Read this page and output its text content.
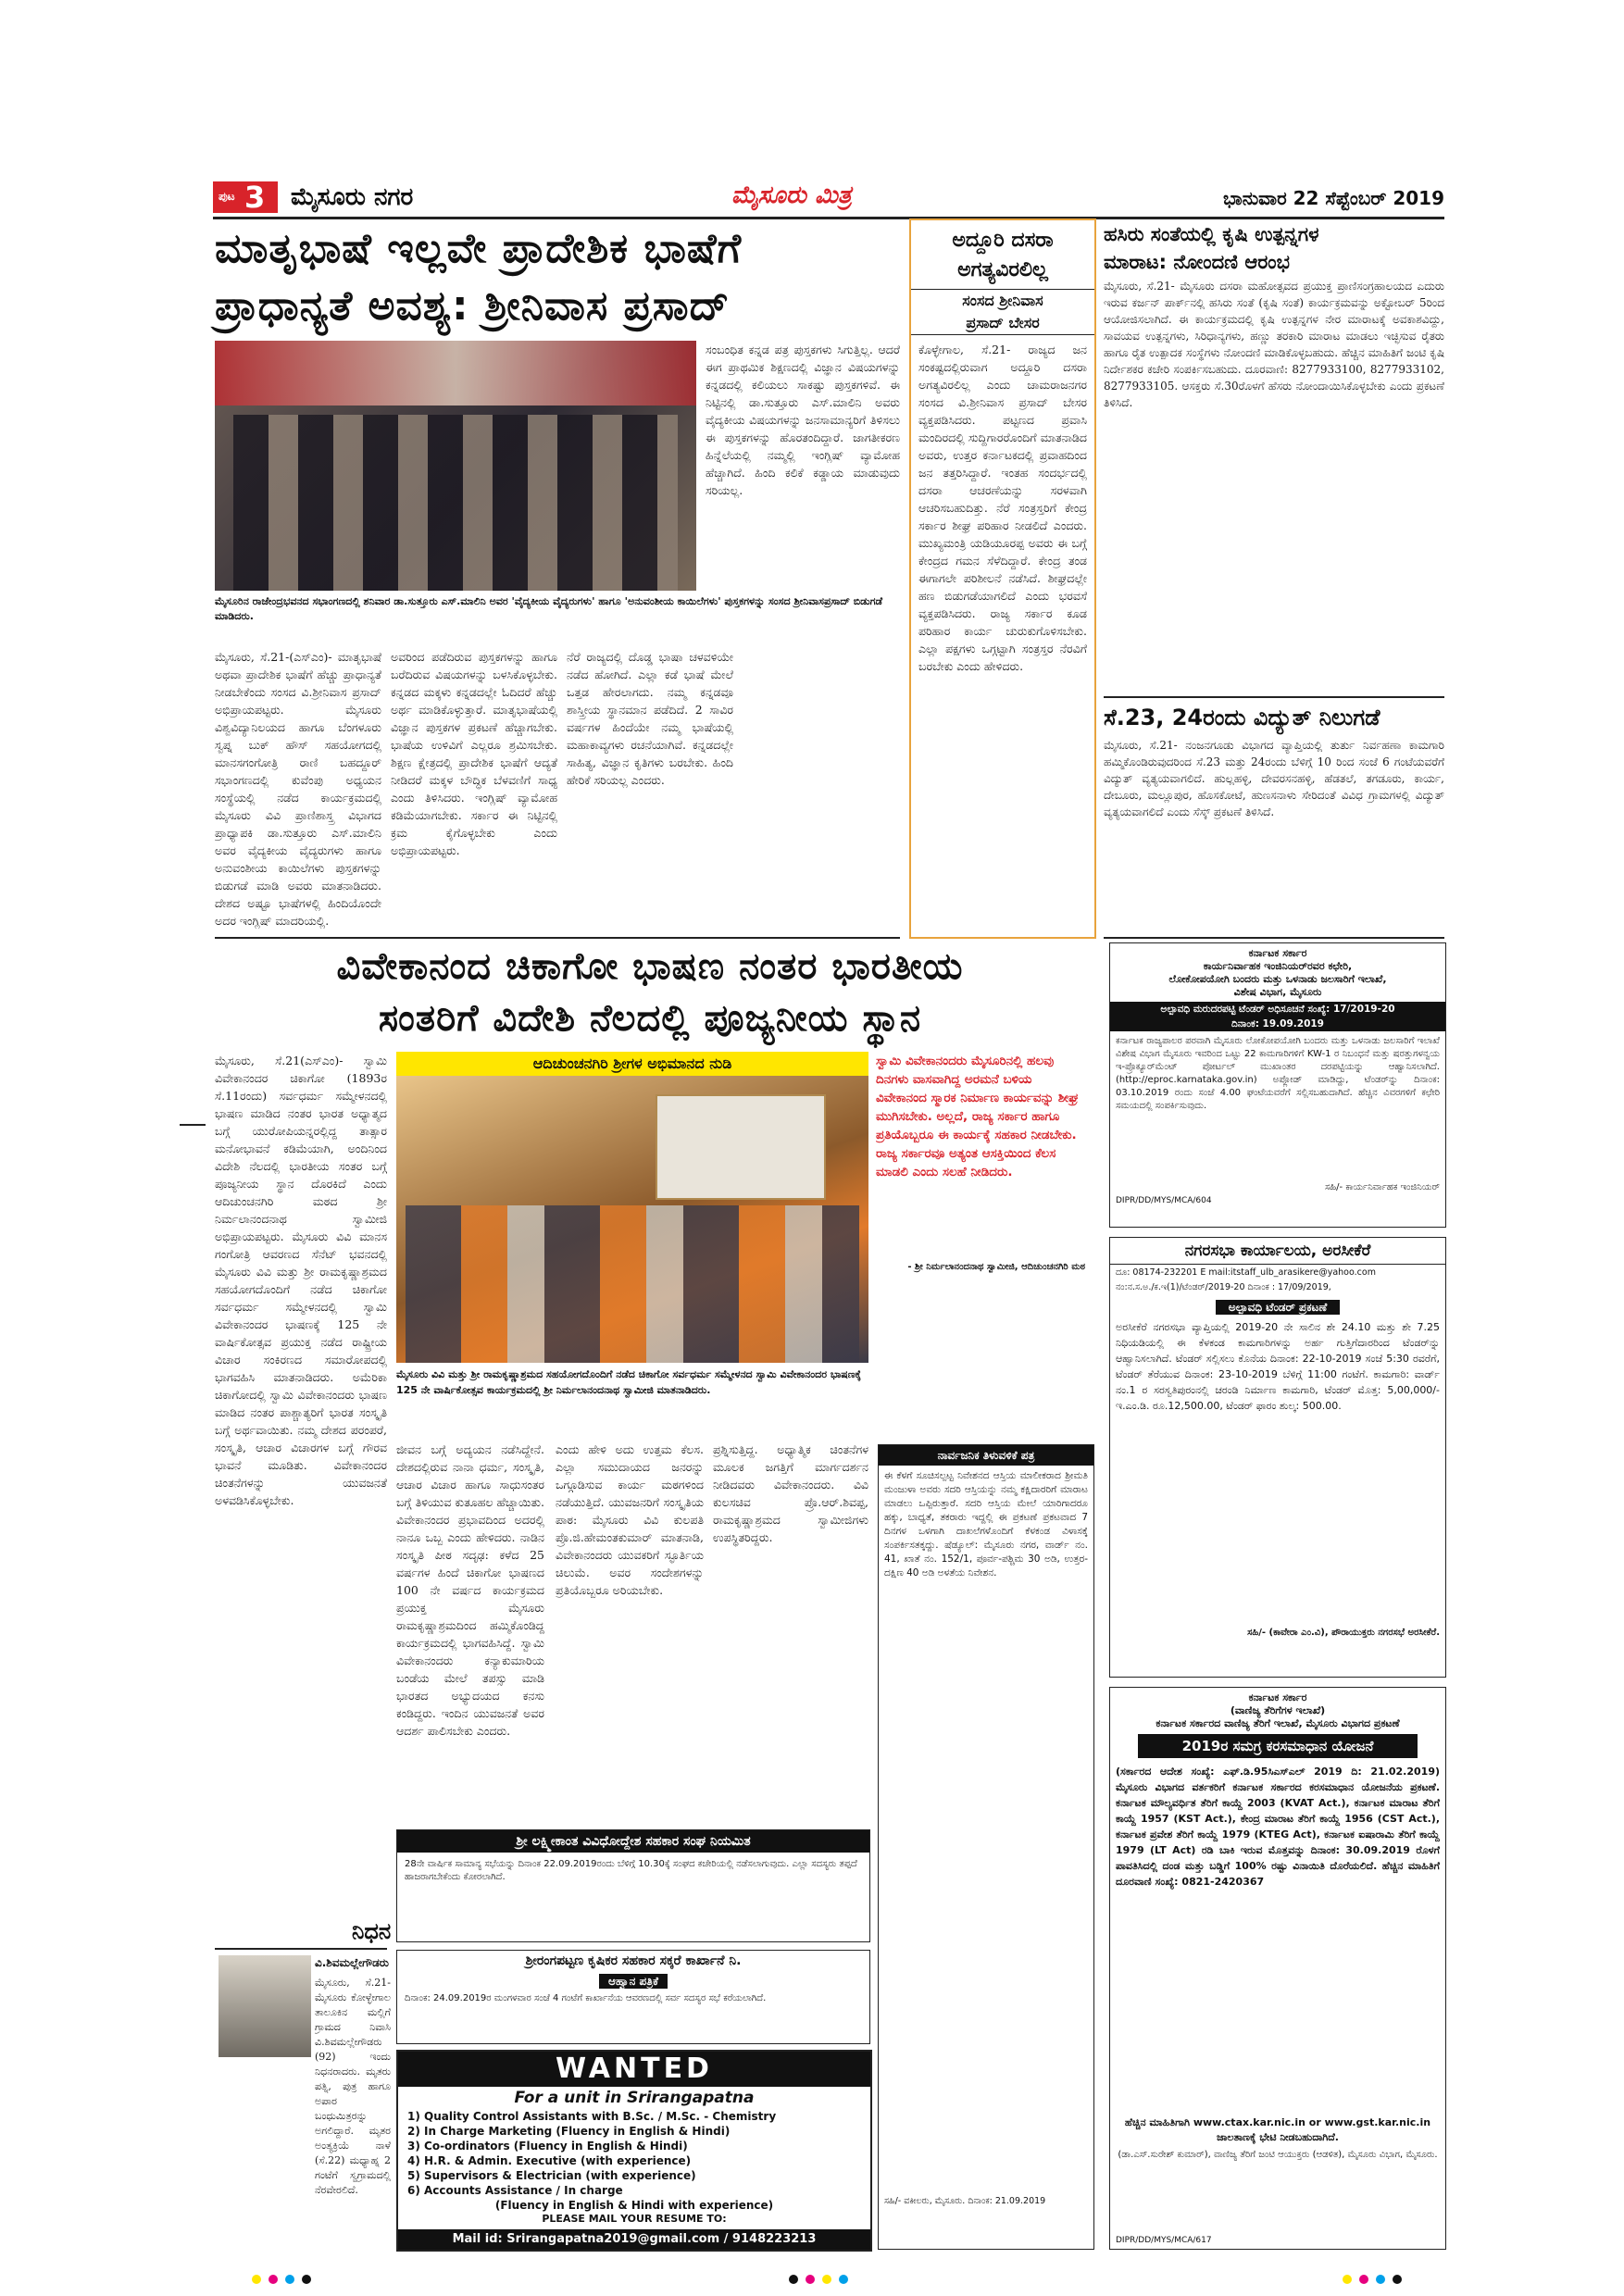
ಪುಟ 3 ಮೈಸೂರು ನಗರ	ಮೈಸೂರು ಮಿತ್ರ	ಭಾನುವಾರ 22 ಸೆಪ್ಟೆಂಬರ್ 2019
ಮಾತೃಭಾಷೆ ಇಲ್ಲವೇ ಪ್ರಾದೇಶಿಕ ಭಾಷೆಗೆ
ಪ್ರಾಧಾನ್ಯತೆ ಅವಶ್ಯ: ಶ್ರೀನಿವಾಸ ಪ್ರಸಾದ್
ಮೈಸೂರಿನ ರಾಜೇಂದ್ರಭವನದ ಸಭಾಂಗಣದಲ್ಲಿ ಶನಿವಾರ ಡಾ.ಸುತ್ತೂರು ಎಸ್.ಮಾಲಿನಿ ಅವರ 'ವೈದ್ಯಕೀಯ ವೈದ್ಯರುಗಳು' ಹಾಗೂ 'ಅನುವಂಶೀಯ ಕಾಯಿಲೆಗಳು' ಪುಸ್ತಕಗಳನ್ನು ಸಂಸದ ಶ್ರೀನಿವಾಸಪ್ರಸಾದ್ ಬಿಡುಗಡೆ ಮಾಡಿದರು.
ಮೈಸೂರು, ಸೆ.21-(ಎಸ್‌ಎಂ)- ಮಾತೃಭಾಷೆ ಅಥವಾ ಪ್ರಾದೇಶಿಕ ಭಾಷೆಗೆ ಹೆಚ್ಚು ಪ್ರಾಧಾನ್ಯತೆ ನೀಡಬೇಕೆಂದು ಸಂಸದ ವಿ.ಶ್ರೀನಿವಾಸ ಪ್ರಸಾದ್ ಅಭಿಪ್ರಾಯಪಟ್ಟರು. ಮೈಸೂರು ವಿಶ್ವವಿದ್ಯಾನಿಲಯದ ಹಾಗೂ ಬೆಂಗಳೂರು ಸ್ವಪ್ನ ಬುಕ್ ಹೌಸ್ ಸಹಯೋಗದಲ್ಲಿ ಮಾನಸಗಂಗೋತ್ರಿ ರಾಣಿ ಬಹದ್ದೂರ್ ಸಭಾಂಗಣದಲ್ಲಿ ಕುವೆಂಪು ಅಧ್ಯಯನ ಸಂಸ್ಥೆಯಲ್ಲಿ ನಡೆದ ಕಾರ್ಯಕ್ರಮದಲ್ಲಿ ಮೈಸೂರು ವಿವಿ ಪ್ರಾಣಿಶಾಸ್ತ್ರ ವಿಭಾಗದ ಪ್ರಾಧ್ಯಾಪಕಿ ಡಾ.ಸುತ್ತೂರು ಎಸ್.ಮಾಲಿನಿ ಅವರ ವೈದ್ಯಕೀಯ ವೈದ್ಯರುಗಳು ಹಾಗೂ ಅನುವಂಶೀಯ ಕಾಯಿಲೆಗಳು ಪುಸ್ತಕಗಳನ್ನು ಬಿಡುಗಡೆ ಮಾಡಿ ಅವರು ಮಾತನಾಡಿದರು. ದೇಶದ ಅಷ್ಟೂ ಭಾಷೆಗಳಲ್ಲಿ ಹಿಂದಿಯೊಂದೇ ಅದರ ಇಂಗ್ಲಿಷ್ ಮಾದರಿಯಲ್ಲಿ.
ಅವರಿಂದ ಪಡೆದಿರುವ ಪುಸ್ತಕಗಳನ್ನು ಹಾಗೂ ಬರೆದಿರುವ ವಿಷಯಗಳನ್ನು ಬಳಸಿಕೊಳ್ಳಬೇಕು. ಕನ್ನಡದ ಮಕ್ಕಳು ಕನ್ನಡದಲ್ಲೇ ಓದಿದರೆ ಹೆಚ್ಚು ಅರ್ಥ ಮಾಡಿಕೊಳ್ಳುತ್ತಾರೆ. ಮಾತೃಭಾಷೆಯಲ್ಲಿ ವಿಜ್ಞಾನ ಪುಸ್ತಕಗಳ ಪ್ರಕಟಣೆ ಹೆಚ್ಚಾಗಬೇಕು. ಭಾಷೆಯ ಉಳಿವಿಗೆ ಎಲ್ಲರೂ ಶ್ರಮಿಸಬೇಕು. ಶಿಕ್ಷಣ ಕ್ಷೇತ್ರದಲ್ಲಿ ಪ್ರಾದೇಶಿಕ ಭಾಷೆಗೆ ಆದ್ಯತೆ ನೀಡಿದರೆ ಮಕ್ಕಳ ಬೌದ್ಧಿಕ ಬೆಳವಣಿಗೆ ಸಾಧ್ಯ ಎಂದು ತಿಳಿಸಿದರು. ಇಂಗ್ಲಿಷ್ ವ್ಯಾಮೋಹ ಕಡಿಮೆಯಾಗಬೇಕು. ಸರ್ಕಾರ ಈ ನಿಟ್ಟಿನಲ್ಲಿ ಕ್ರಮ ಕೈಗೊಳ್ಳಬೇಕು ಎಂದು ಅಭಿಪ್ರಾಯಪಟ್ಟರು.
ನೆರೆ ರಾಜ್ಯದಲ್ಲಿ ದೊಡ್ಡ ಭಾಷಾ ಚಳವಳಿಯೇ ನಡೆದ ಹೋಗಿದೆ. ಎಲ್ಲಾ ಕಡೆ ಭಾಷೆ ಮೇಲೆ ಒತ್ತಡ ಹೇರಲಾಗದು. ನಮ್ಮ ಕನ್ನಡವೂ ಶಾಸ್ತ್ರೀಯ ಸ್ಥಾನಮಾನ ಪಡೆದಿದೆ. 2 ಸಾವಿರ ವರ್ಷಗಳ ಹಿಂದೆಯೇ ನಮ್ಮ ಭಾಷೆಯಲ್ಲಿ ಮಹಾಕಾವ್ಯಗಳು ರಚನೆಯಾಗಿವೆ. ಕನ್ನಡದಲ್ಲೇ ಸಾಹಿತ್ಯ, ವಿಜ್ಞಾನ ಕೃತಿಗಳು ಬರಬೇಕು. ಹಿಂದಿ ಹೇರಿಕೆ ಸರಿಯಲ್ಲ ಎಂದರು.
ಸಂಬಂಧಿತ ಕನ್ನಡ ಪತ್ರ ಪುಸ್ತಕಗಳು ಸಿಗುತ್ತಿಲ್ಲ. ಆದರೆ ಈಗ ಪ್ರಾಥಮಿಕ ಶಿಕ್ಷಣದಲ್ಲಿ ವಿಜ್ಞಾನ ವಿಷಯಗಳನ್ನು ಕನ್ನಡದಲ್ಲಿ ಕಲಿಯಲು ಸಾಕಷ್ಟು ಪುಸ್ತಕಗಳಿವೆ. ಈ ನಿಟ್ಟಿನಲ್ಲಿ ಡಾ.ಸುತ್ತೂರು ಎಸ್.ಮಾಲಿನಿ ಅವರು ವೈದ್ಯಕೀಯ ವಿಷಯಗಳನ್ನು ಜನಸಾಮಾನ್ಯರಿಗೆ ತಿಳಿಸಲು ಈ ಪುಸ್ತಕಗಳನ್ನು ಹೊರತಂದಿದ್ದಾರೆ. ಜಾಗತೀಕರಣ ಹಿನ್ನೆಲೆಯಲ್ಲಿ ನಮ್ಮಲ್ಲಿ ಇಂಗ್ಲಿಷ್ ವ್ಯಾಮೋಹ ಹೆಚ್ಚಾಗಿದೆ. ಹಿಂದಿ ಕಲಿಕೆ ಕಡ್ಡಾಯ ಮಾಡುವುದು ಸರಿಯಲ್ಲ.
ಅದ್ದೂರಿ ದಸರಾ
ಅಗತ್ಯವಿರಲಿಲ್ಲ
ಸಂಸದ ಶ್ರೀನಿವಾಸ
ಪ್ರಸಾದ್ ಬೇಸರ
ಕೊಳ್ಳೇಗಾಲ, ಸೆ.21- ರಾಜ್ಯದ ಜನ ಸಂಕಷ್ಟದಲ್ಲಿರುವಾಗ ಅದ್ದೂರಿ ದಸರಾ ಅಗತ್ಯವಿರಲಿಲ್ಲ ಎಂದು ಚಾಮರಾಜನಗರ ಸಂಸದ ವಿ.ಶ್ರೀನಿವಾಸ ಪ್ರಸಾದ್ ಬೇಸರ ವ್ಯಕ್ತಪಡಿಸಿದರು. ಪಟ್ಟಣದ ಪ್ರವಾಸಿ ಮಂದಿರದಲ್ಲಿ ಸುದ್ದಿಗಾರರೊಂದಿಗೆ ಮಾತನಾಡಿದ ಅವರು, ಉತ್ತರ ಕರ್ನಾಟಕದಲ್ಲಿ ಪ್ರವಾಹದಿಂದ ಜನ ತತ್ತರಿಸಿದ್ದಾರೆ. ಇಂತಹ ಸಂದರ್ಭದಲ್ಲಿ ದಸರಾ ಆಚರಣೆಯನ್ನು ಸರಳವಾಗಿ ಆಚರಿಸಬಹುದಿತ್ತು. ನೆರೆ ಸಂತ್ರಸ್ತರಿಗೆ ಕೇಂದ್ರ ಸರ್ಕಾರ ಶೀಘ್ರ ಪರಿಹಾರ ನೀಡಲಿದೆ ಎಂದರು. ಮುಖ್ಯಮಂತ್ರಿ ಯಡಿಯೂರಪ್ಪ ಅವರು ಈ ಬಗ್ಗೆ ಕೇಂದ್ರದ ಗಮನ ಸೆಳೆದಿದ್ದಾರೆ. ಕೇಂದ್ರ ತಂಡ ಈಗಾಗಲೇ ಪರಿಶೀಲನೆ ನಡೆಸಿದೆ. ಶೀಘ್ರದಲ್ಲೇ ಹಣ ಬಿಡುಗಡೆಯಾಗಲಿದೆ ಎಂದು ಭರವಸೆ ವ್ಯಕ್ತಪಡಿಸಿದರು. ರಾಜ್ಯ ಸರ್ಕಾರ ಕೂಡ ಪರಿಹಾರ ಕಾರ್ಯ ಚುರುಕುಗೊಳಿಸಬೇಕು. ಎಲ್ಲಾ ಪಕ್ಷಗಳು ಒಗ್ಗಟ್ಟಾಗಿ ಸಂತ್ರಸ್ತರ ನೆರವಿಗೆ ಬರಬೇಕು ಎಂದು ಹೇಳಿದರು.
ಹಸಿರು ಸಂತೆಯಲ್ಲಿ ಕೃಷಿ ಉತ್ಪನ್ನಗಳ
ಮಾರಾಟ: ನೋಂದಣಿ ಆರಂಭ
ಮೈಸೂರು, ಸೆ.21- ಮೈಸೂರು ದಸರಾ ಮಹೋತ್ಸವದ ಪ್ರಯುಕ್ತ ಪ್ರಾಣಿಸಂಗ್ರಹಾಲಯದ ಎದುರು ಇರುವ ಕರ್ಜನ್ ಪಾರ್ಕ್‌ನಲ್ಲಿ ಹಸಿರು ಸಂತೆ (ಕೃಷಿ ಸಂತೆ) ಕಾರ್ಯಕ್ರಮವನ್ನು ಅಕ್ಟೋಬರ್ 5ರಿಂದ ಆಯೋಜಿಸಲಾಗಿದೆ. ಈ ಕಾರ್ಯಕ್ರಮದಲ್ಲಿ ಕೃಷಿ ಉತ್ಪನ್ನಗಳ ನೇರ ಮಾರಾಟಕ್ಕೆ ಅವಕಾಶವಿದ್ದು, ಸಾವಯವ ಉತ್ಪನ್ನಗಳು, ಸಿರಿಧಾನ್ಯಗಳು, ಹಣ್ಣು ತರಕಾರಿ ಮಾರಾಟ ಮಾಡಲು ಇಚ್ಛಿಸುವ ರೈತರು ಹಾಗೂ ರೈತ ಉತ್ಪಾದಕ ಸಂಸ್ಥೆಗಳು ನೋಂದಣಿ ಮಾಡಿಕೊಳ್ಳಬಹುದು. ಹೆಚ್ಚಿನ ಮಾಹಿತಿಗೆ ಜಂಟಿ ಕೃಷಿ ನಿರ್ದೇಶಕರ ಕಚೇರಿ ಸಂಪರ್ಕಿಸಬಹುದು. ದೂರವಾಣಿ: 8277933100, 8277933102, 8277933105. ಆಸಕ್ತರು ಸೆ.30ರೊಳಗೆ ಹೆಸರು ನೋಂದಾಯಿಸಿಕೊಳ್ಳಬೇಕು ಎಂದು ಪ್ರಕಟಣೆ ತಿಳಿಸಿದೆ.
ಸೆ.23, 24ರಂದು ವಿದ್ಯುತ್ ನಿಲುಗಡೆ
ಮೈಸೂರು, ಸೆ.21- ನಂಜನಗೂಡು ವಿಭಾಗದ ವ್ಯಾಪ್ತಿಯಲ್ಲಿ ತುರ್ತು ನಿರ್ವಹಣಾ ಕಾಮಗಾರಿ ಹಮ್ಮಿಕೊಂಡಿರುವುದರಿಂದ ಸೆ.23 ಮತ್ತು 24ರಂದು ಬೆಳಿಗ್ಗೆ 10 ರಿಂದ ಸಂಜೆ 6 ಗಂಟೆಯವರೆಗೆ ವಿದ್ಯುತ್ ವ್ಯತ್ಯಯವಾಗಲಿದೆ. ಹುಲ್ಲಹಳ್ಳಿ, ದೇವರಸನಹಳ್ಳಿ, ಹೆಡತಲೆ, ತಗಡೂರು, ಕಾರ್ಯ, ದೇಬೂರು, ಮಲ್ಲೂಪುರ, ಹೊಸಕೋಟೆ, ಹುಣಸನಾಳು ಸೇರಿದಂತೆ ವಿವಿಧ ಗ್ರಾಮಗಳಲ್ಲಿ ವಿದ್ಯುತ್ ವ್ಯತ್ಯಯವಾಗಲಿದೆ ಎಂದು ಸೆಸ್ಕ್ ಪ್ರಕಟಣೆ ತಿಳಿಸಿದೆ.
ವಿವೇಕಾನಂದ ಚಿಕಾಗೋ ಭಾಷಣ ನಂತರ ಭಾರತೀಯ
ಸಂತರಿಗೆ ವಿದೇಶಿ ನೆಲದಲ್ಲಿ ಪೂಜ್ಯನೀಯ ಸ್ಥಾನ
ಆದಿಚುಂಚನಗಿರಿ ಶ್ರೀಗಳ ಅಭಿಮಾನದ ನುಡಿ
ಮೈಸೂರು ವಿವಿ ಮತ್ತು ಶ್ರೀ ರಾಮಕೃಷ್ಣಾಶ್ರಮದ ಸಹಯೋಗದೊಂದಿಗೆ ನಡೆದ ಚಿಕಾಗೋ ಸರ್ವಧರ್ಮ ಸಮ್ಮೇಳನದ ಸ್ವಾಮಿ ವಿವೇಕಾನಂದರ ಭಾಷಣಕ್ಕೆ 125 ನೇ ವಾರ್ಷಿಕೋತ್ಸವ ಕಾರ್ಯಕ್ರಮದಲ್ಲಿ ಶ್ರೀ ನಿರ್ಮಲಾನಂದನಾಥ ಸ್ವಾಮೀಜಿ ಮಾತನಾಡಿದರು.
ಸ್ವಾಮಿ ವಿವೇಕಾನಂದರು ಮೈಸೂರಿನಲ್ಲಿ ಹಲವು ದಿನಗಳು ವಾಸವಾಗಿದ್ದ ಅರಮನೆ ಬಳಿಯ ವಿವೇಕಾನಂದ ಸ್ಮಾರಕ ನಿರ್ಮಾಣ ಕಾರ್ಯವನ್ನು ಶೀಘ್ರ ಮುಗಿಸಬೇಕು. ಅಲ್ಲದೆ, ರಾಜ್ಯ ಸರ್ಕಾರ ಹಾಗೂ ಪ್ರತಿಯೊಬ್ಬರೂ ಈ ಕಾರ್ಯಕ್ಕೆ ಸಹಕಾರ ನೀಡಬೇಕು. ರಾಜ್ಯ ಸರ್ಕಾರವೂ ಅತ್ಯಂತ ಆಸಕ್ತಿಯಿಂದ ಕೆಲಸ ಮಾಡಲಿ ಎಂದು ಸಲಹೆ ನೀಡಿದರು.
- ಶ್ರೀ ನಿರ್ಮಲಾನಂದನಾಥ ಸ್ವಾಮೀಜಿ, ಆದಿಚುಂಚನಗಿರಿ ಮಠ
ಮೈಸೂರು, ಸೆ.21(ಎಸ್‌ಎಂ)- ಸ್ವಾಮಿ ವಿವೇಕಾನಂದರ ಚಿಕಾಗೋ (1893ರ ಸೆ.11ರಂದು) ಸರ್ವಧರ್ಮ ಸಮ್ಮೇಳನದಲ್ಲಿ ಭಾಷಣ ಮಾಡಿದ ನಂತರ ಭಾರತ ಅಧ್ಯಾತ್ಮದ ಬಗ್ಗೆ ಯುರೋಪಿಯನ್ನರಲ್ಲಿದ್ದ ತಾತ್ಸಾರ ಮನೋಭಾವನೆ ಕಡಿಮೆಯಾಗಿ, ಅಂದಿನಿಂದ ವಿದೇಶಿ ನೆಲದಲ್ಲಿ ಭಾರತೀಯ ಸಂತರ ಬಗ್ಗೆ ಪೂಜ್ಯನೀಯ ಸ್ಥಾನ ದೊರಕಿದೆ ಎಂದು ಆದಿಚುಂಚನಗಿರಿ ಮಠದ ಶ್ರೀ ನಿರ್ಮಲಾನಂದನಾಥ ಸ್ವಾಮೀಜಿ ಅಭಿಪ್ರಾಯಪಟ್ಟರು. ಮೈಸೂರು ವಿವಿ ಮಾನಸ ಗಂಗೋತ್ರಿ ಆವರಣದ ಸೆನೆಟ್ ಭವನದಲ್ಲಿ ಮೈಸೂರು ವಿವಿ ಮತ್ತು ಶ್ರೀ ರಾಮಕೃಷ್ಣಾಶ್ರಮದ ಸಹಯೋಗದೊಂದಿಗೆ ನಡೆದ ಚಿಕಾಗೋ ಸರ್ವಧರ್ಮ ಸಮ್ಮೇಳನದಲ್ಲಿ ಸ್ವಾಮಿ ವಿವೇಕಾನಂದರ ಭಾಷಣಕ್ಕೆ 125 ನೇ ವಾರ್ಷಿಕೋತ್ಸವ ಪ್ರಯುಕ್ತ ನಡೆದ ರಾಷ್ಟ್ರೀಯ ವಿಚಾರ ಸಂಕಿರಣದ ಸಮಾರೋಪದಲ್ಲಿ ಭಾಗವಹಿಸಿ ಮಾತನಾಡಿದರು. ಅಮೆರಿಕಾ ಚಿಕಾಗೋದಲ್ಲಿ ಸ್ವಾಮಿ ವಿವೇಕಾನಂದರು ಭಾಷಣ ಮಾಡಿದ ನಂತರ ಪಾಶ್ಚಾತ್ಯರಿಗೆ ಭಾರತ ಸಂಸ್ಕೃತಿ ಬಗ್ಗೆ ಅರ್ಥವಾಯಿತು. ನಮ್ಮ ದೇಶದ ಪರಂಪರೆ, ಸಂಸ್ಕೃತಿ, ಆಚಾರ ವಿಚಾರಗಳ ಬಗ್ಗೆ ಗೌರವ ಭಾವನೆ ಮೂಡಿತು. ವಿವೇಕಾನಂದರ ಚಿಂತನೆಗಳನ್ನು ಯುವಜನತೆ ಅಳವಡಿಸಿಕೊಳ್ಳಬೇಕು.
ಜೀವನ ಬಗ್ಗೆ ಅದ್ಯಯನ ನಡೆಸಿದ್ದೇನೆ. ದೇಶದಲ್ಲಿರುವ ನಾನಾ ಧರ್ಮ, ಸಂಸ್ಕೃತಿ, ಆಚಾರ ವಿಚಾರ ಹಾಗೂ ಸಾಧುಸಂತರ ಬಗ್ಗೆ ತಿಳಿಯುವ ಕುತೂಹಲ ಹೆಚ್ಚಾಯಿತು. ವಿವೇಕಾನಂದರ ಪ್ರಭಾವದಿಂದ ಅದರಲ್ಲಿ ನಾನೂ ಒಬ್ಬ ಎಂದು ಹೇಳಿದರು. ನಾಡಿನ ಸಂಸ್ಕೃತಿ ಪೀಠ ಸದೃಢ: ಕಳೆದ 25 ವರ್ಷಗಳ ಹಿಂದೆ ಚಿಕಾಗೋ ಭಾಷಣದ 100 ನೇ ವರ್ಷದ ಕಾರ್ಯಕ್ರಮದ ಪ್ರಯುಕ್ತ ಮೈಸೂರು ರಾಮಕೃಷ್ಣಾಶ್ರಮದಿಂದ ಹಮ್ಮಿಕೊಂಡಿದ್ದ ಕಾರ್ಯಕ್ರಮದಲ್ಲಿ ಭಾಗವಹಿಸಿದ್ದೆ. ಸ್ವಾಮಿ ವಿವೇಕಾನಂದರು ಕನ್ಯಾಕುಮಾರಿಯ ಬಂಡೆಯ ಮೇಲೆ ತಪಸ್ಸು ಮಾಡಿ ಭಾರತದ ಅಭ್ಯುದಯದ ಕನಸು ಕಂಡಿದ್ದರು. ಇಂದಿನ ಯುವಜನತೆ ಅವರ ಆದರ್ಶ ಪಾಲಿಸಬೇಕು ಎಂದರು.
ಎಂದು ಹೇಳಿ ಅದು ಉತ್ತಮ ಕೆಲಸ. ಎಲ್ಲಾ ಸಮುದಾಯದ ಜನರನ್ನು ಒಗ್ಗೂಡಿಸುವ ಕಾರ್ಯ ಮಠಗಳಿಂದ ನಡೆಯುತ್ತಿದೆ. ಯುವಜನರಿಗೆ ಸಂಸ್ಕೃತಿಯ ಪಾಠ: ಮೈಸೂರು ವಿವಿ ಕುಲಪತಿ ಪ್ರೊ.ಜಿ.ಹೇಮಂತಕುಮಾರ್ ಮಾತನಾಡಿ, ವಿವೇಕಾನಂದರು ಯುವಕರಿಗೆ ಸ್ಫೂರ್ತಿಯ ಚಿಲುಮೆ. ಅವರ ಸಂದೇಶಗಳನ್ನು ಪ್ರತಿಯೊಬ್ಬರೂ ಅರಿಯಬೇಕು.
ಪ್ರಶ್ನಿಸುತ್ತಿದ್ದ. ಅಧ್ಯಾತ್ಮಿಕ ಚಿಂತನೆಗಳ ಮೂಲಕ ಜಗತ್ತಿಗೆ ಮಾರ್ಗದರ್ಶನ ನೀಡಿದವರು ವಿವೇಕಾನಂದರು. ವಿವಿ ಕುಲಸಚಿವ ಪ್ರೊ.ಆರ್.ಶಿವಪ್ಪ, ರಾಮಕೃಷ್ಣಾಶ್ರಮದ ಸ್ವಾಮೀಜಿಗಳು ಉಪಸ್ಥಿತರಿದ್ದರು.
ಶ್ರೀ ಲಕ್ಷ್ಮೀಕಾಂತ ವಿವಿಧೋದ್ದೇಶ ಸಹಕಾರ ಸಂಘ ನಿಯಮಿತ
28ನೇ ವಾರ್ಷಿಕ ಸಾಮಾನ್ಯ ಸಭೆಯನ್ನು ದಿನಾಂಕ 22.09.2019ರಂದು ಬೆಳಿಗ್ಗೆ 10.30ಕ್ಕೆ ಸಂಘದ ಕಚೇರಿಯಲ್ಲಿ ನಡೆಸಲಾಗುವುದು. ಎಲ್ಲಾ ಸದಸ್ಯರು ತಪ್ಪದೆ ಹಾಜರಾಗಬೇಕೆಂದು ಕೋರಲಾಗಿದೆ.
ಶ್ರೀರಂಗಪಟ್ಟಣ ಕೃಷಿಕರ ಸಹಕಾರ ಸಕ್ಕರೆ ಕಾರ್ಖಾನೆ ನಿ.
ಆಹ್ವಾನ ಪತ್ರಿಕೆ
ದಿನಾಂಕ: 24.09.2019ರ ಮಂಗಳವಾರ ಸಂಜೆ 4 ಗಂಟೆಗೆ ಕಾರ್ಖಾನೆಯ ಆವರಣದಲ್ಲಿ ಸರ್ವ ಸದಸ್ಯರ ಸಭೆ ಕರೆಯಲಾಗಿದೆ.
WANTED
For a unit in Srirangapatna
1) Quality Control Assistants with B.Sc. / M.Sc. - Chemistry
2) In Charge Marketing (Fluency in English & Hindi)
3) Co-ordinators (Fluency in English & Hindi)
4) H.R. & Admin. Executive (with experience)
5) Supervisors & Electrician (with experience)
6) Accounts Assistance / In charge
(Fluency in English & Hindi with experience)
PLEASE MAIL YOUR RESUME TO:
Mail id: Srirangapatna2019@gmail.com / 9148223213
ನಿಧನ
ವಿ.ಶಿವಮಲ್ಲೇಗೌಡರು
ಮೈಸೂರು, ಸೆ.21- ಮೈಸೂರು ಕೋಳ್ಳೇಗಾಲ ತಾಲೂಕಿನ ಮಲ್ಲಿಗೆ ಗ್ರಾಮದ ನಿವಾಸಿ ವಿ.ಶಿವಮಲ್ಲೇಗೌಡರು (92) ಇಂದು ನಿಧನರಾದರು. ಮೃತರು ಪತ್ನಿ, ಪುತ್ರ ಹಾಗೂ ಅಪಾರ ಬಂಧುಮಿತ್ರರನ್ನು ಅಗಲಿದ್ದಾರೆ. ಮೃತರ ಅಂತ್ಯಕ್ರಿಯೆ ನಾಳೆ (ಸೆ.22) ಮಧ್ಯಾಹ್ನ 2 ಗಂಟೆಗೆ ಸ್ವಗ್ರಾಮದಲ್ಲಿ ನೆರವೇರಲಿದೆ.
ಕರ್ನಾಟಕ ಸರ್ಕಾರ
ಕಾರ್ಯನಿರ್ವಾಹಕ ಇಂಜಿನಿಯರ್‌ರವರ ಕಛೇರಿ,
ಲೋಕೋಪಯೋಗಿ ಬಂದರು ಮತ್ತು ಒಳನಾಡು ಜಲಸಾರಿಗೆ ಇಲಾಖೆ,
ವಿಶೇಷ ವಿಭಾಗ, ಮೈಸೂರು
ಅಲ್ಪಾವಧಿ ಮರುದರಪಟ್ಟಿ ಟೆಂಡರ್ ಅಧಿಸೂಚನೆ ಸಂಖ್ಯೆ: 17/2019-20
ದಿನಾಂಕ: 19.09.2019
ಕರ್ನಾಟಕ ರಾಜ್ಯಪಾಲರ ಪರವಾಗಿ ಮೈಸೂರು ಲೋಕೋಪಯೋಗಿ ಬಂದರು ಮತ್ತು ಒಳನಾಡು ಜಲಸಾರಿಗೆ ಇಲಾಖೆ ವಿಶೇಷ ವಿಭಾಗ ಮೈಸೂರು ಇವರಿಂದ ಒಟ್ಟು 22 ಕಾಮಗಾರಿಗಳಿಗೆ KW-1 ರ ನಿಬಂಧನೆ ಮತ್ತು ಷರತ್ತುಗಳನ್ವಯ ಇ-ಪ್ರೊಕ್ಯೂರ್‌ಮೆಂಟ್ ಪೋರ್ಟಲ್ ಮುಖಾಂತರ ದರಪಟ್ಟಿಯನ್ನು ಆಹ್ವಾನಿಸಲಾಗಿದೆ. (http://eproc.karnataka.gov.in) ಅಪ್ಲೋಡ್ ಮಾಡಿದ್ದು, ಟೆಂಡರ್‌ನ್ನು ದಿನಾಂಕ: 03.10.2019 ರಂದು ಸಂಜೆ 4.00 ಘಂಟೆಯವರೆಗೆ ಸಲ್ಲಿಸಬಹುದಾಗಿದೆ. ಹೆಚ್ಚಿನ ವಿವರಗಳಿಗೆ ಕಛೇರಿ ಸಮಯದಲ್ಲಿ ಸಂಪರ್ಕಿಸುವುದು.
ಸಹಿ/- ಕಾರ್ಯನಿರ್ವಾಹಕ ಇಂಜಿನಿಯರ್
DIPR/DD/MYS/MCA/604
ನಗರಸಭಾ ಕಾರ್ಯಾಲಯ, ಅರಸೀಕೆರೆ
ದೂ: 08174-232201 E mail:itstaff_ulb_arasikere@yahoo.com
ನಂ:ನ.ಸ.ಅ./ಕ.ಇ(1)/ಟೆಂಡರ್/2019-20 ದಿನಾಂಕ : 17/09/2019,
ಅಲ್ಪಾವಧಿ ಟೆಂಡರ್ ಪ್ರಕಟಣೆ
ಅರಸೀಕೆರೆ ನಗರಸಭಾ ವ್ಯಾಪ್ತಿಯಲ್ಲಿ 2019-20 ನೇ ಸಾಲಿನ ಶೇ 24.10 ಮತ್ತು ಶೇ 7.25 ನಿಧಿಯಡಿಯಲ್ಲಿ ಈ ಕೆಳಕಂಡ ಕಾಮಗಾರಿಗಳನ್ನು ಅರ್ಹ ಗುತ್ತಿಗೆದಾರರಿಂದ ಟೆಂಡರ್‌ನ್ನು ಆಹ್ವಾನಿಸಲಾಗಿದೆ. ಟೆಂಡರ್ ಸಲ್ಲಿಸಲು ಕೊನೆಯ ದಿನಾಂಕ: 22-10-2019 ಸಂಜೆ 5:30 ರವರೆಗೆ, ಟೆಂಡರ್ ತೆರೆಯುವ ದಿನಾಂಕ: 23-10-2019 ಬೆಳಿಗ್ಗೆ 11:00 ಗಂಟೆಗೆ. ಕಾಮಗಾರಿ: ವಾರ್ಡ್ ನಂ.1 ರ ಸರಸ್ವತಿಪುರಂನಲ್ಲಿ ಚರಂಡಿ ನಿರ್ಮಾಣ ಕಾಮಗಾರಿ, ಟೆಂಡರ್ ಮೊತ್ತ: 5,00,000/- ಇ.ಎಂ.ಡಿ. ರೂ.12,500.00, ಟೆಂಡರ್ ಫಾರಂ ಶುಲ್ಕ: 500.00.
ಸಹಿ/- (ಕಾವೇರಾ ಎಂ.ವಿ), ಪೌರಾಯುಕ್ತರು ನಗರಸಭೆ ಅರಸೀಕೆರೆ.
ನಾರ್ವಜನಿಕ ತಿಳುವಳಿಕೆ ಪತ್ರ
ಈ ಕೆಳಗೆ ಸೂಚಿಸಲ್ಪಟ್ಟ ನಿವೇಶನದ ಆಸ್ತಿಯ ಮಾಲೀಕರಾದ ಶ್ರೀಮತಿ ಮಂಜುಳಾ ಅವರು ಸದರಿ ಆಸ್ತಿಯನ್ನು ನಮ್ಮ ಕಕ್ಷಿದಾರರಿಗೆ ಮಾರಾಟ ಮಾಡಲು ಒಪ್ಪಿರುತ್ತಾರೆ. ಸದರಿ ಆಸ್ತಿಯ ಮೇಲೆ ಯಾರಿಗಾದರೂ ಹಕ್ಕು, ಬಾಧ್ಯತೆ, ತಕರಾರು ಇದ್ದಲ್ಲಿ ಈ ಪ್ರಕಟಣೆ ಪ್ರಕಟವಾದ 7 ದಿನಗಳ ಒಳಗಾಗಿ ದಾಖಲೆಗಳೊಂದಿಗೆ ಕೆಳಕಂಡ ವಿಳಾಸಕ್ಕೆ ಸಂಪರ್ಕಿಸತಕ್ಕದ್ದು. ಷೆಡ್ಯೂಲ್: ಮೈಸೂರು ನಗರ, ವಾರ್ಡ್ ನಂ. 41, ಖಾತೆ ನಂ. 152/1, ಪೂರ್ವ-ಪಶ್ಚಿಮ 30 ಅಡಿ, ಉತ್ತರ-ದಕ್ಷಿಣ 40 ಅಡಿ ಅಳತೆಯ ನಿವೇಶನ.
ಸಹಿ/- ವಕೀಲರು, ಮೈಸೂರು. ದಿನಾಂಕ: 21.09.2019
ಕರ್ನಾಟಕ ಸರ್ಕಾರ
(ವಾಣಿಜ್ಯ ತೆರಿಗೆಗಳ ಇಲಾಖೆ)
ಕರ್ನಾಟಕ ಸರ್ಕಾರದ ವಾಣಿಜ್ಯ ತೆರಿಗೆ ಇಲಾಖೆ, ಮೈಸೂರು ವಿಭಾಗದ ಪ್ರಕಟಣೆ
2019ರ ಸಮಗ್ರ ಕರಸಮಾಧಾನ ಯೋಜನೆ
(ಸರ್ಕಾರದ ಆದೇಶ ಸಂಖ್ಯೆ: ಎಫ್.ಡಿ.95ಸಿಎಸ್‌ಎಲ್ 2019 ದಿ: 21.02.2019) ಮೈಸೂರು ವಿಭಾಗದ ವರ್ತಕರಿಗೆ ಕರ್ನಾಟಕ ಸರ್ಕಾರದ ಕರಸಮಾಧಾನ ಯೋಜನೆಯ ಪ್ರಕಟಣೆ. ಕರ್ನಾಟಕ ಮೌಲ್ಯವರ್ಧಿತ ತೆರಿಗೆ ಕಾಯ್ದೆ 2003 (KVAT Act.), ಕರ್ನಾಟಕ ಮಾರಾಟ ತೆರಿಗೆ ಕಾಯ್ದೆ 1957 (KST Act.), ಕೇಂದ್ರ ಮಾರಾಟ ತೆರಿಗೆ ಕಾಯ್ದೆ 1956 (CST Act.), ಕರ್ನಾಟಕ ಪ್ರವೇಶ ತೆರಿಗೆ ಕಾಯ್ದೆ 1979 (KTEG Act), ಕರ್ನಾಟಕ ಐಷಾರಾಮಿ ತೆರಿಗೆ ಕಾಯ್ದೆ 1979 (LT Act) ರಡಿ ಬಾಕಿ ಇರುವ ಮೊತ್ತವನ್ನು ದಿನಾಂಕ: 30.09.2019 ರೊಳಗೆ ಪಾವತಿಸಿದಲ್ಲಿ ದಂಡ ಮತ್ತು ಬಡ್ಡಿಗೆ 100% ರಷ್ಟು ವಿನಾಯಿತಿ ದೊರೆಯಲಿದೆ. ಹೆಚ್ಚಿನ ಮಾಹಿತಿಗೆ ದೂರವಾಣಿ ಸಂಖ್ಯೆ: 0821-2420367
ಹೆಚ್ಚಿನ ಮಾಹಿತಿಗಾಗಿ www.ctax.kar.nic.in or www.gst.kar.nic.in ಜಾಲತಾಣಕ್ಕೆ ಭೇಟಿ ನೀಡಬಹುದಾಗಿದೆ.
(ಡಾ.ಎಸ್.ಸುರೇಶ್ ಕುಮಾರ್), ವಾಣಿಜ್ಯ ತೆರಿಗೆ ಜಂಟಿ ಆಯುಕ್ತರು (ಆಡಳಿತ), ಮೈಸೂರು ವಿಭಾಗ, ಮೈಸೂರು.
DIPR/DD/MYS/MCA/617
